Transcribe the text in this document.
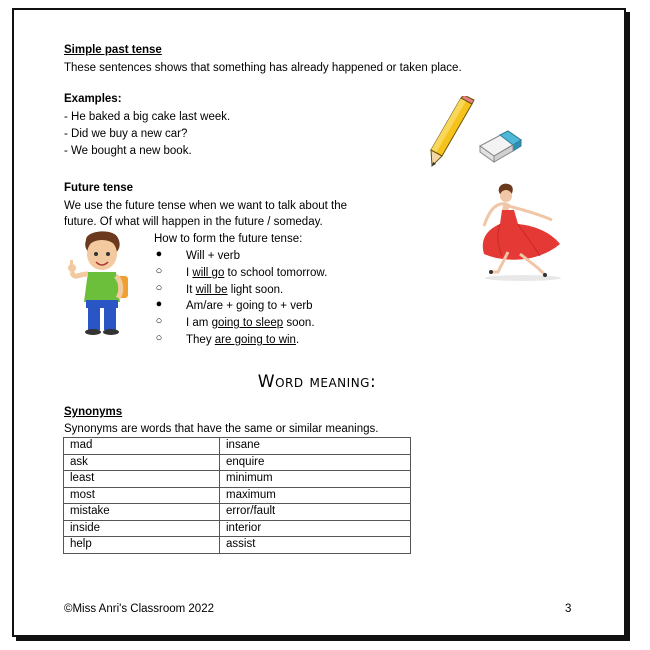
Simple past tense
These sentences shows that something has already happened or taken place.
Examples:
- He baked a big cake last week.
- Did we buy a new car?
- We bought a new book.
Future tense
We use the future tense when we want to talk about the
future. Of what will happen in the future / someday.
How to form the future tense:
● Will + verb
○ I will go to school tomorrow.
○ It will be light soon.
● Am/are + going to + verb
○ I am going to sleep soon.
○ They are going to win.
Word meaning:
Synonyms
Synonyms are words that have the same or similar meanings.
mad	insane
ask	enquire
least	minimum
most	maximum
mistake	error/fault
inside	interior
help	assist
©Miss Anri's Classroom 2022	3
